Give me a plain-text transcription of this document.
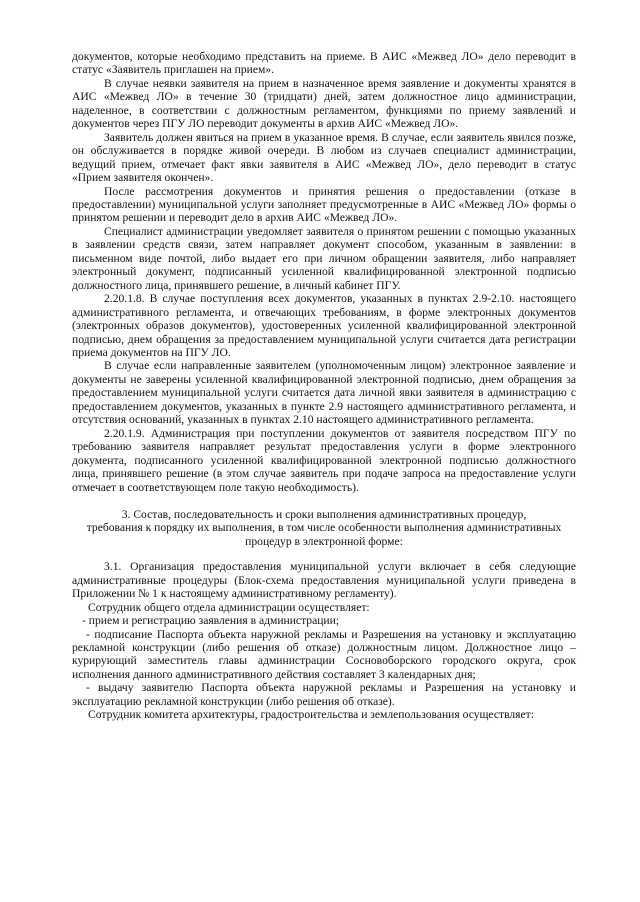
документов, которые необходимо представить на приеме. В АИС «Межвед ЛО» дело переводит в статус «Заявитель приглашен на прием».

В случае неявки заявителя на прием в назначенное время заявление и документы хранятся в АИС «Межвед ЛО» в течение 30 (тридцати) дней, затем должностное лицо администрации, наделенное, в соответствии с должностным регламентом, функциями по приему заявлений и документов через ПГУ ЛО переводит документы в архив АИС «Межвед ЛО».

Заявитель должен явиться на прием в указанное время. В случае, если заявитель явился позже, он обслуживается в порядке живой очереди. В любом из случаев специалист администрации, ведущий прием, отмечает факт явки заявителя в АИС «Межвед ЛО», дело переводит в статус «Прием заявителя окончен».

После рассмотрения документов и принятия решения о предоставлении (отказе в предоставлении) муниципальной услуги заполняет предусмотренные в АИС «Межвед ЛО» формы о принятом решении и переводит дело в архив АИС «Межвед ЛО».

Специалист администрации уведомляет заявителя о принятом решении с помощью указанных в заявлении средств связи, затем направляет документ способом, указанным в заявлении: в письменном виде почтой, либо выдает его при личном обращении заявителя, либо направляет электронный документ, подписанный усиленной квалифицированной электронной подписью должностного лица, принявшего решение, в личный кабинет ПГУ.

2.20.1.8. В случае поступления всех документов, указанных в пунктах 2.9-2.10. настоящего административного регламента, и отвечающих требованиям, в форме электронных документов (электронных образов документов), удостоверенных усиленной квалифицированной электронной подписью, днем обращения за предоставлением муниципальной услуги считается дата регистрации приема документов на ПГУ ЛО.

В случае если направленные заявителем (уполномоченным лицом) электронное заявление и документы не заверены усиленной квалифицированной электронной подписью, днем обращения за предоставлением муниципальной услуги считается дата личной явки заявителя в администрацию с предоставлением документов, указанных в пункте 2.9 настоящего административного регламента, и отсутствия оснований, указанных в пунктах 2.10 настоящего административного регламента.

2.20.1.9. Администрация при поступлении документов от заявителя посредством ПГУ по требованию заявителя направляет результат предоставления услуги в форме электронного документа, подписанного усиленной квалифицированной электронной подписью должностного лица, принявшего решение (в этом случае заявитель при подаче запроса на предоставление услуги отмечает в соответствующем поле такую необходимость).

3. Состав, последовательность и сроки выполнения административных процедур,

требования к порядку их выполнения, в том числе особенности выполнения административных

процедур в электронной форме:

3.1. Организация предоставления муниципальной услуги включает в себя следующие административные процедуры (Блок-схема предоставления муниципальной услуги приведена в Приложении № 1 к настоящему административному регламенту).

Сотрудник общего отдела администрации осуществляет:

- прием и регистрацию заявления в администрации;

- подписание Паспорта объекта наружной рекламы и Разрешения на установку и эксплуатацию рекламной конструкции (либо решения об отказе) должностным лицом. Должностное лицо – курирующий заместитель главы администрации Сосновоборского городского округа, срок исполнения данного административного действия составляет 3 календарных дня;

- выдачу заявителю Паспорта объекта наружной рекламы и Разрешения на установку и эксплуатацию рекламной конструкции (либо решения об отказе).

Сотрудник комитета архитектуры, градостроительства и землепользования осуществляет:
